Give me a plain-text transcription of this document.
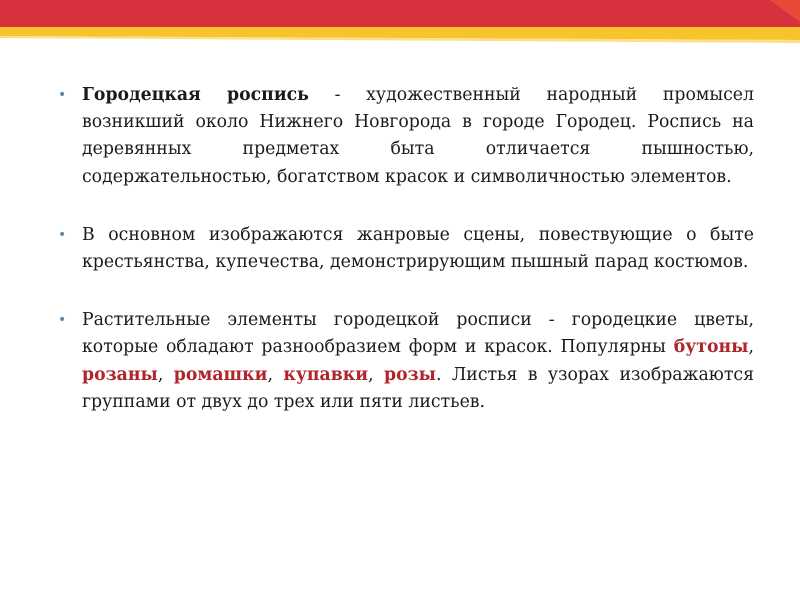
• Городецкая роспись - художественный народный промысел возникший около Нижнего Новгорода в городе Городец. Роспись на деревянных предметах быта отличается пышностью, содержательностью, богатством красок и символичностью элементов.

• В основном изображаются жанровые сцены, повествующие о быте крестьянства, купечества, демонстрирующим пышный парад костюмов.

• Растительные элементы городецкой росписи - городецкие цветы, которые обладают разнообразием форм и красок. Популярны бутоны, розаны, ромашки, купавки, розы. Листья в узорах изображаются группами от двух до трех или пяти листьев.
